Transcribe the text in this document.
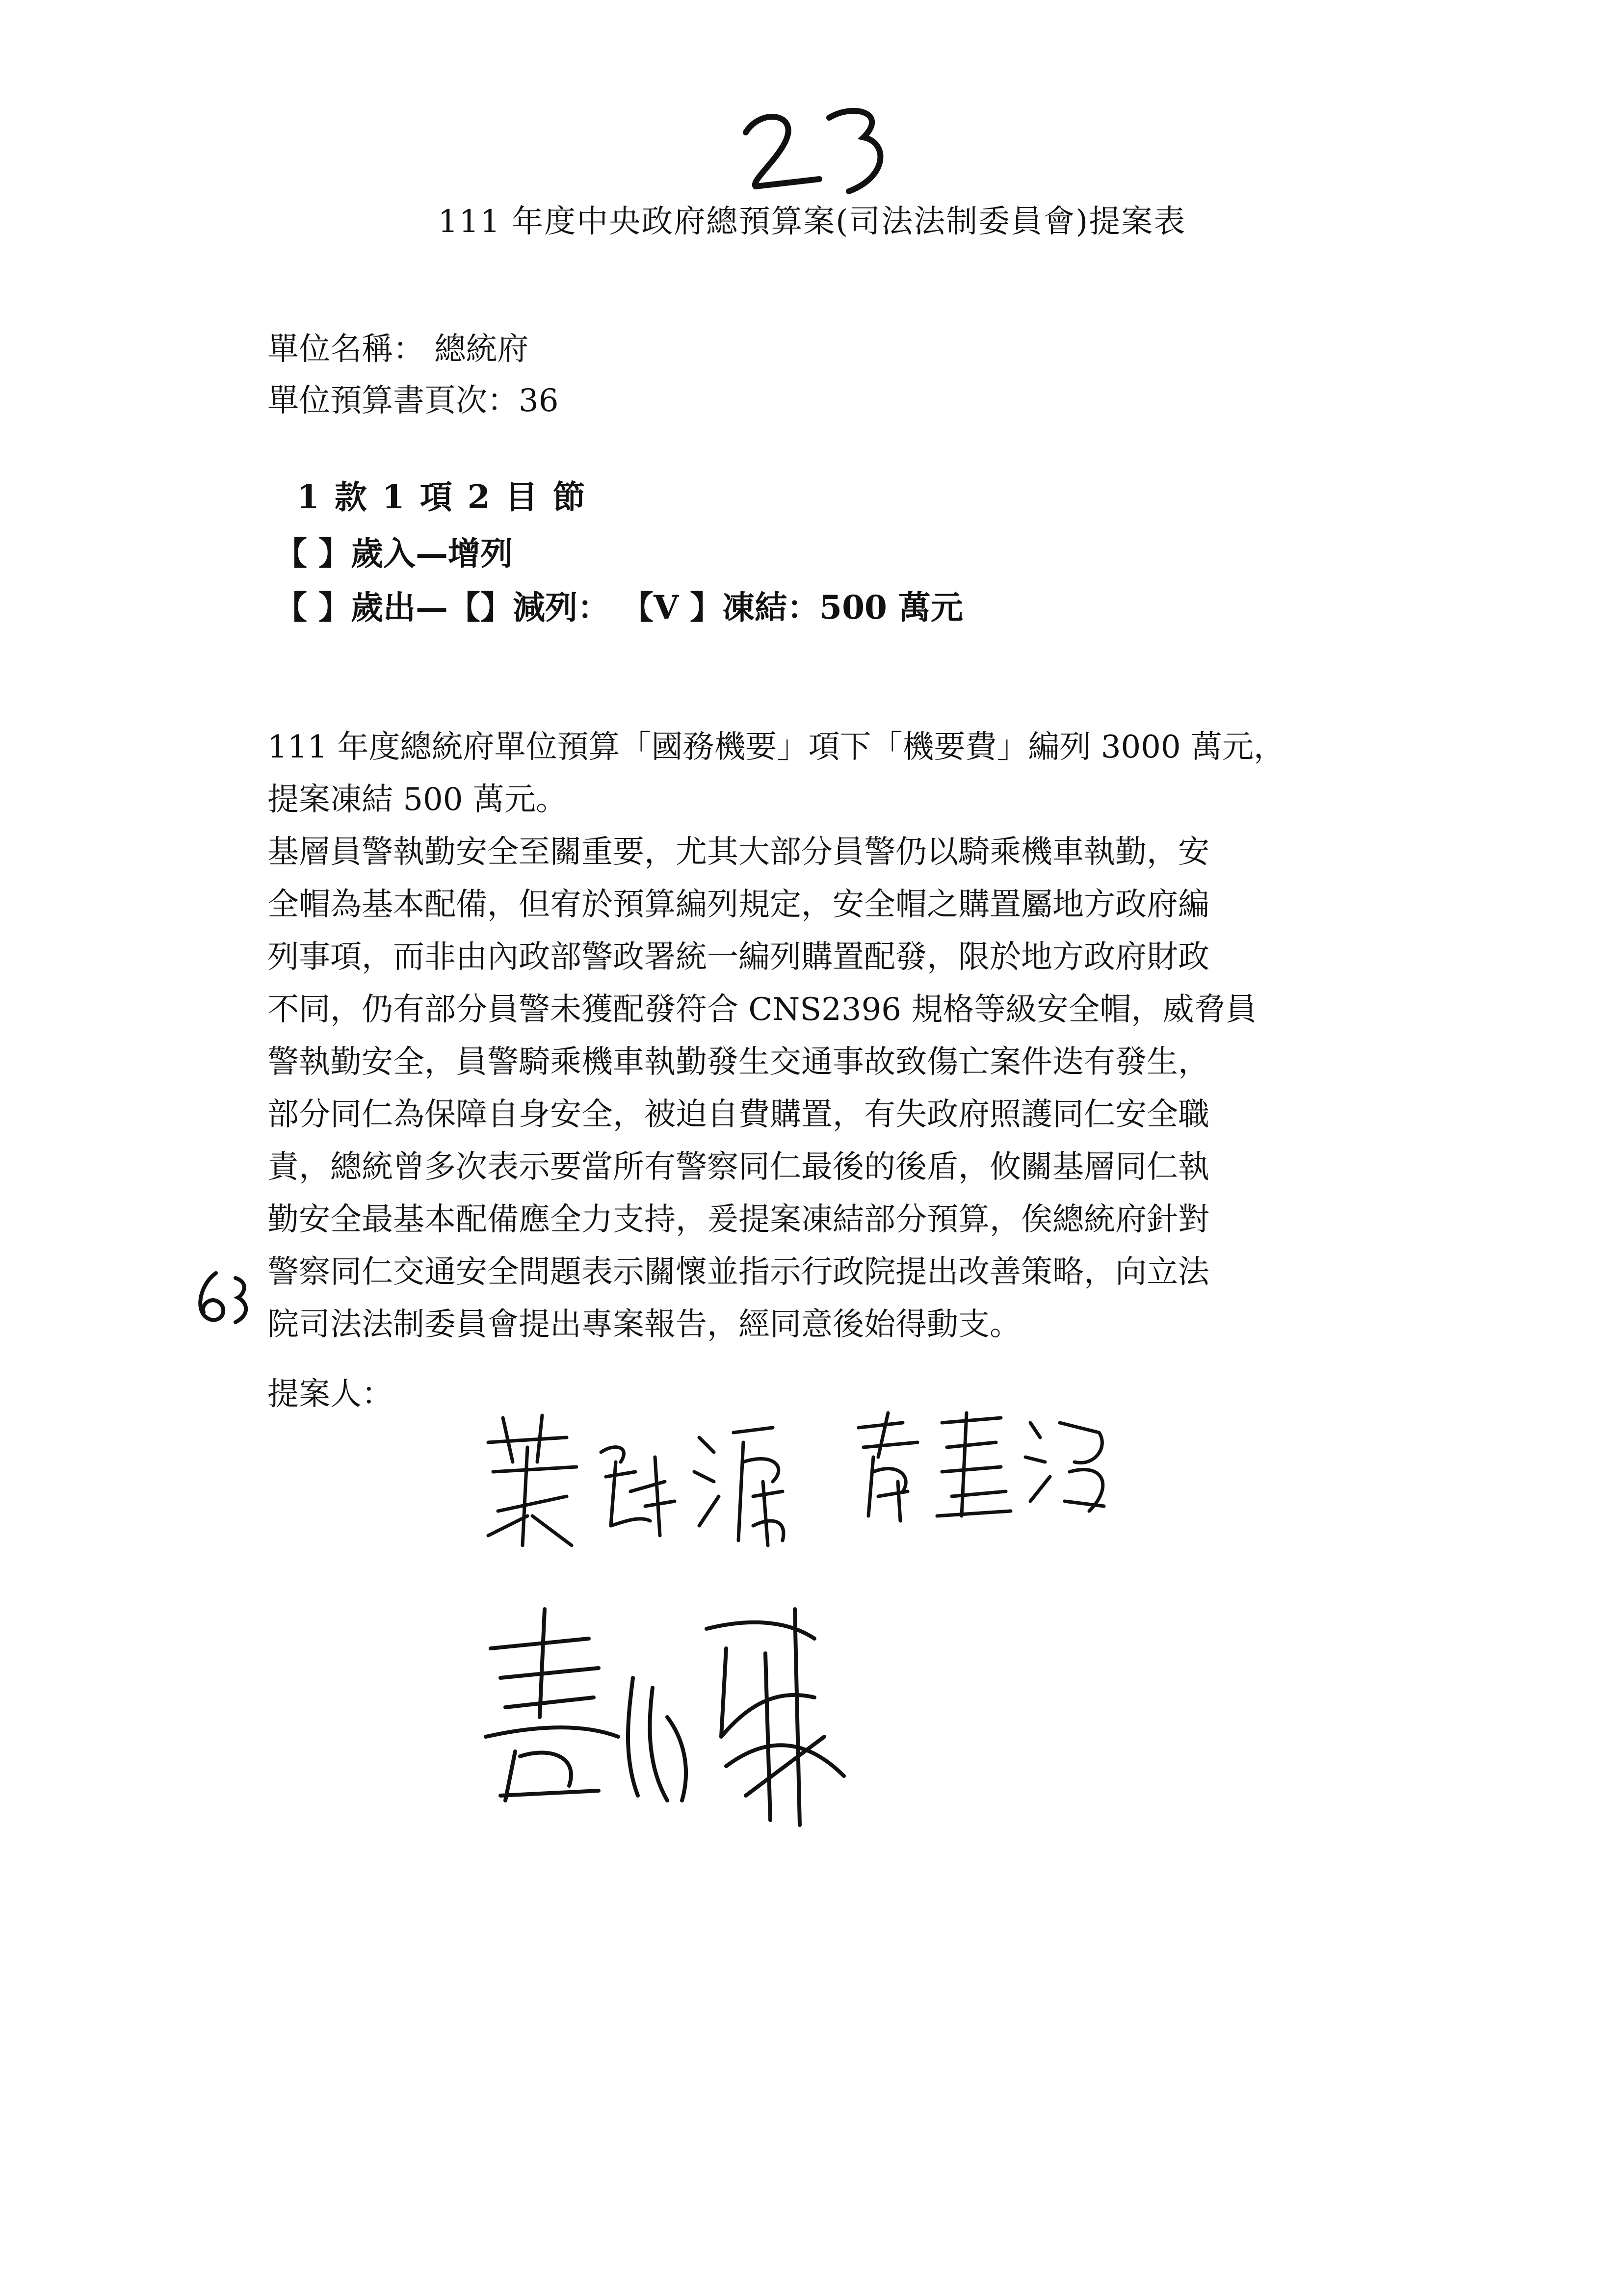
111 年度中央政府總預算案(司法法制委員會)提案表
單位名稱： 總統府
單位預算書頁次：36
1 款 1 項 2 目 節
【 】歲入—增列
【 】歲出—【】減列： 【V 】凍結：500 萬元
111 年度總統府單位預算「國務機要」項下「機要費」編列 3000 萬元，
提案凍結 500 萬元。
基層員警執勤安全至關重要，尤其大部分員警仍以騎乘機車執勤，安
全帽為基本配備，但宥於預算編列規定，安全帽之購置屬地方政府編
列事項，而非由內政部警政署統一編列購置配發，限於地方政府財政
不同，仍有部分員警未獲配發符合 CNS2396 規格等級安全帽，威脅員
警執勤安全，員警騎乘機車執勤發生交通事故致傷亡案件迭有發生，
部分同仁為保障自身安全，被迫自費購置，有失政府照護同仁安全職
責，總統曾多次表示要當所有警察同仁最後的後盾，攸關基層同仁執
勤安全最基本配備應全力支持，爰提案凍結部分預算，俟總統府針對
警察同仁交通安全問題表示關懷並指示行政院提出改善策略，向立法
院司法法制委員會提出專案報告，經同意後始得動支。
提案人：
